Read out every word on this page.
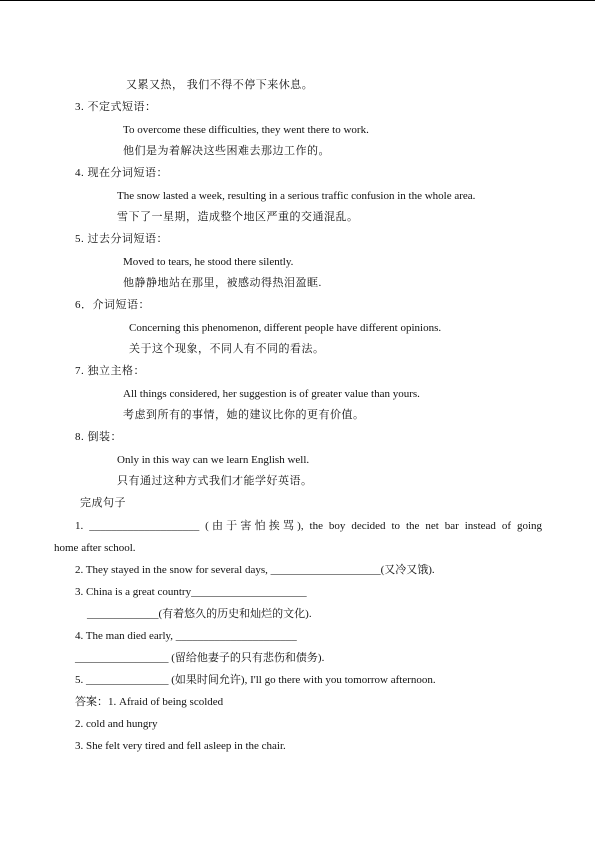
又累又热， 我们不得不停下来休息。
3. 不定式短语：
To overcome these difficulties, they went there to work.
他们是为着解决这些困难去那边工作的。
4. 现在分词短语：
The snow lasted a week, resulting in a serious traffic confusion in the whole area.
雪下了一星期，造成整个地区严重的交通混乱。
5. 过去分词短语：
Moved to tears, he stood there silently.
他静静地站在那里，被感动得热泪盈眶.
6．介词短语：
Concerning this phenomenon, different people have different opinions.
关于这个现象，不同人有不同的看法。
7. 独立主格：
All things considered, her suggestion is of greater value than yours.
考虑到所有的事情，她的建议比你的更有价值。
8. 倒装：
Only in this way can we learn English well.
只有通过这种方式我们才能学好英语。
完成句子
1. ____________________ (由于害怕挨骂), the boy decided to the net bar instead of going
home after school.
2. They stayed in the snow for several days, ____________________(又冷又饿).
3. China is a great country_____________________
_____________(有着悠久的历史和灿烂的文化).
4. The man died early, ______________________
_________________ (留给他妻子的只有悲伤和债务).
5. _______________ (如果时间允许), I'll go there with you tomorrow afternoon.
答案：1. Afraid of being scolded
2. cold and hungry
3. She felt very tired and fell asleep in the chair.
